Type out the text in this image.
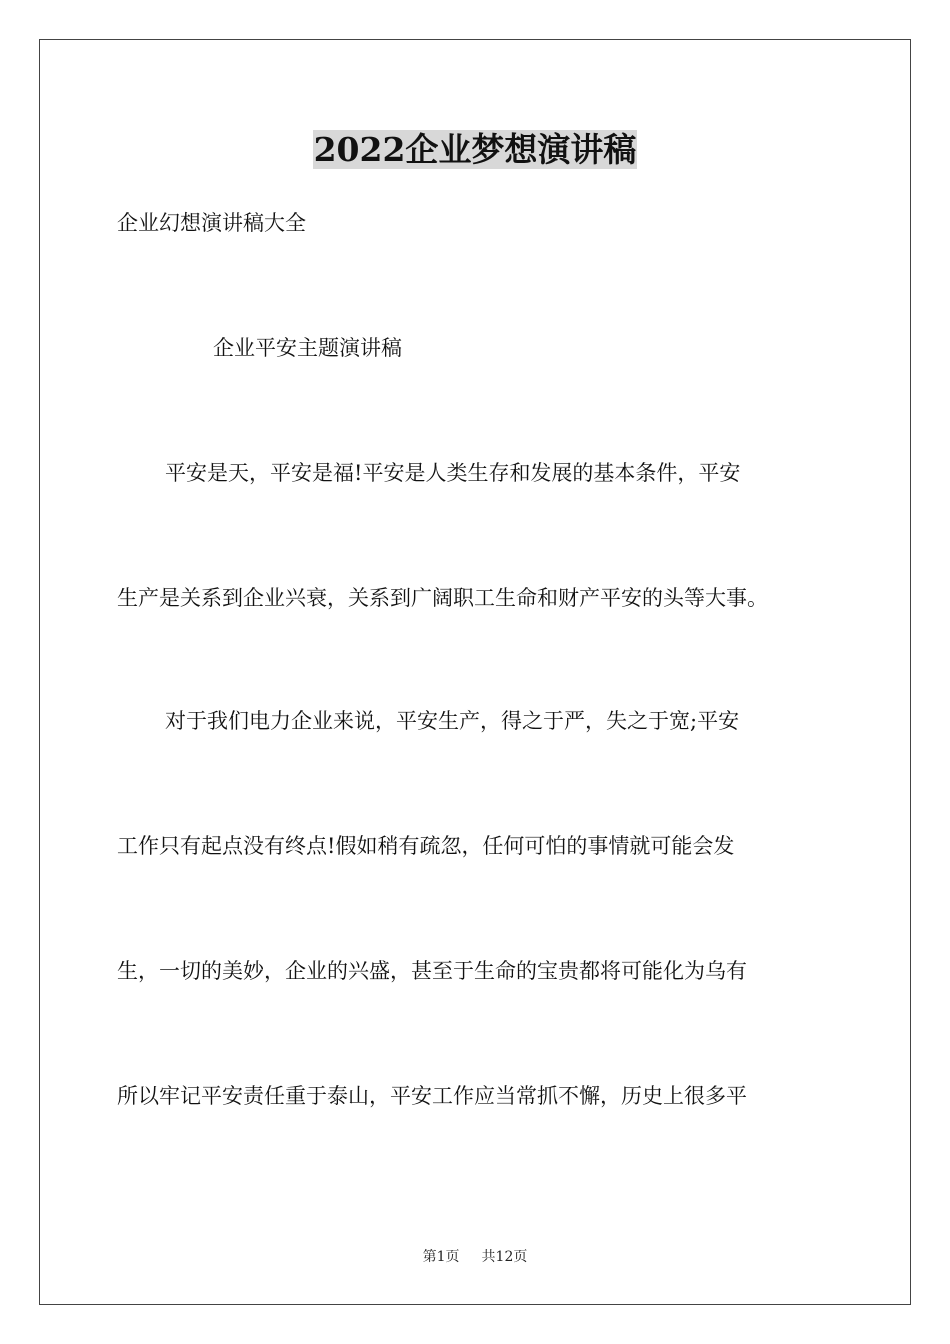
2022企业梦想演讲稿
企业幻想演讲稿大全
企业平安主题演讲稿
平安是天，平安是福!平安是人类生存和发展的基本条件，平安
生产是关系到企业兴衰，关系到广阔职工生命和财产平安的头等大事。
对于我们电力企业来说，平安生产，得之于严，失之于宽;平安
工作只有起点没有终点!假如稍有疏忽，任何可怕的事情就可能会发
生，一切的美妙，企业的兴盛，甚至于生命的宝贵都将可能化为乌有
所以牢记平安责任重于泰山，平安工作应当常抓不懈，历史上很多平
第1页 共12页
